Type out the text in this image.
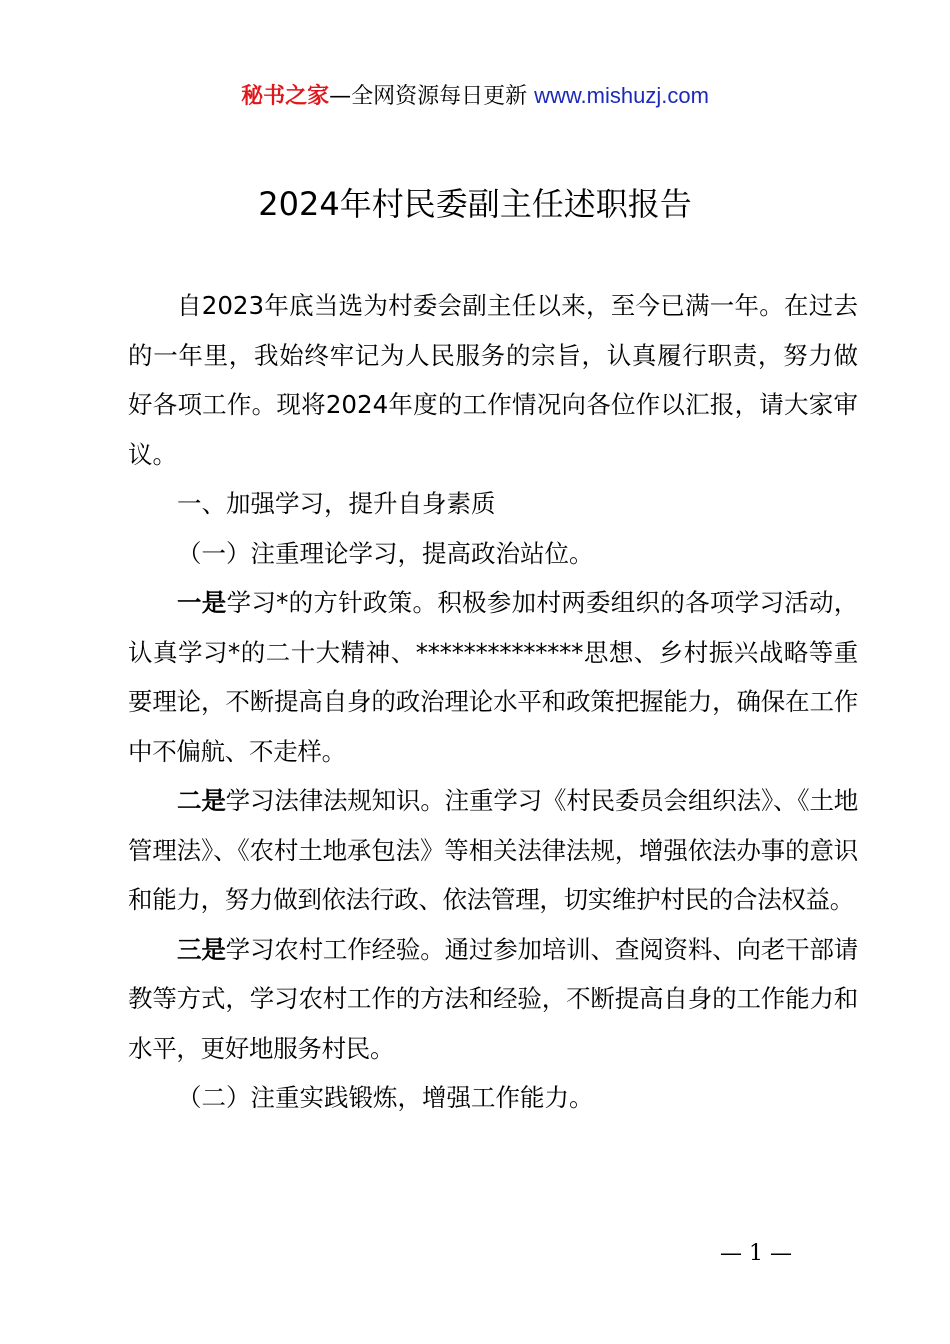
秘书之家—全网资源每日更新 www.mishuzj.com
2024年村民委副主任述职报告

自2023年底当选为村委会副主任以来，至今已满一年。在过去的一年里，我始终牢记为人民服务的宗旨，认真履行职责，努力做好各项工作。现将2024年度的工作情况向各位作以汇报，请大家审议。

一、加强学习，提升自身素质

（一）注重理论学习，提高政治站位。

一是学习*的方针政策。积极参加村两委组织的各项学习活动，认真学习*的二十大精神、**************思想、乡村振兴战略等重要理论，不断提高自身的政治理论水平和政策把握能力，确保在工作中不偏航、不走样。

二是学习法律法规知识。注重学习《村民委员会组织法》、《土地管理法》、《农村土地承包法》等相关法律法规，增强依法办事的意识和能力，努力做到依法行政、依法管理，切实维护村民的合法权益。

三是学习农村工作经验。通过参加培训、查阅资料、向老干部请教等方式，学习农村工作的方法和经验，不断提高自身的工作能力和水平，更好地服务村民。

（二）注重实践锻炼，增强工作能力。

— 1 —
